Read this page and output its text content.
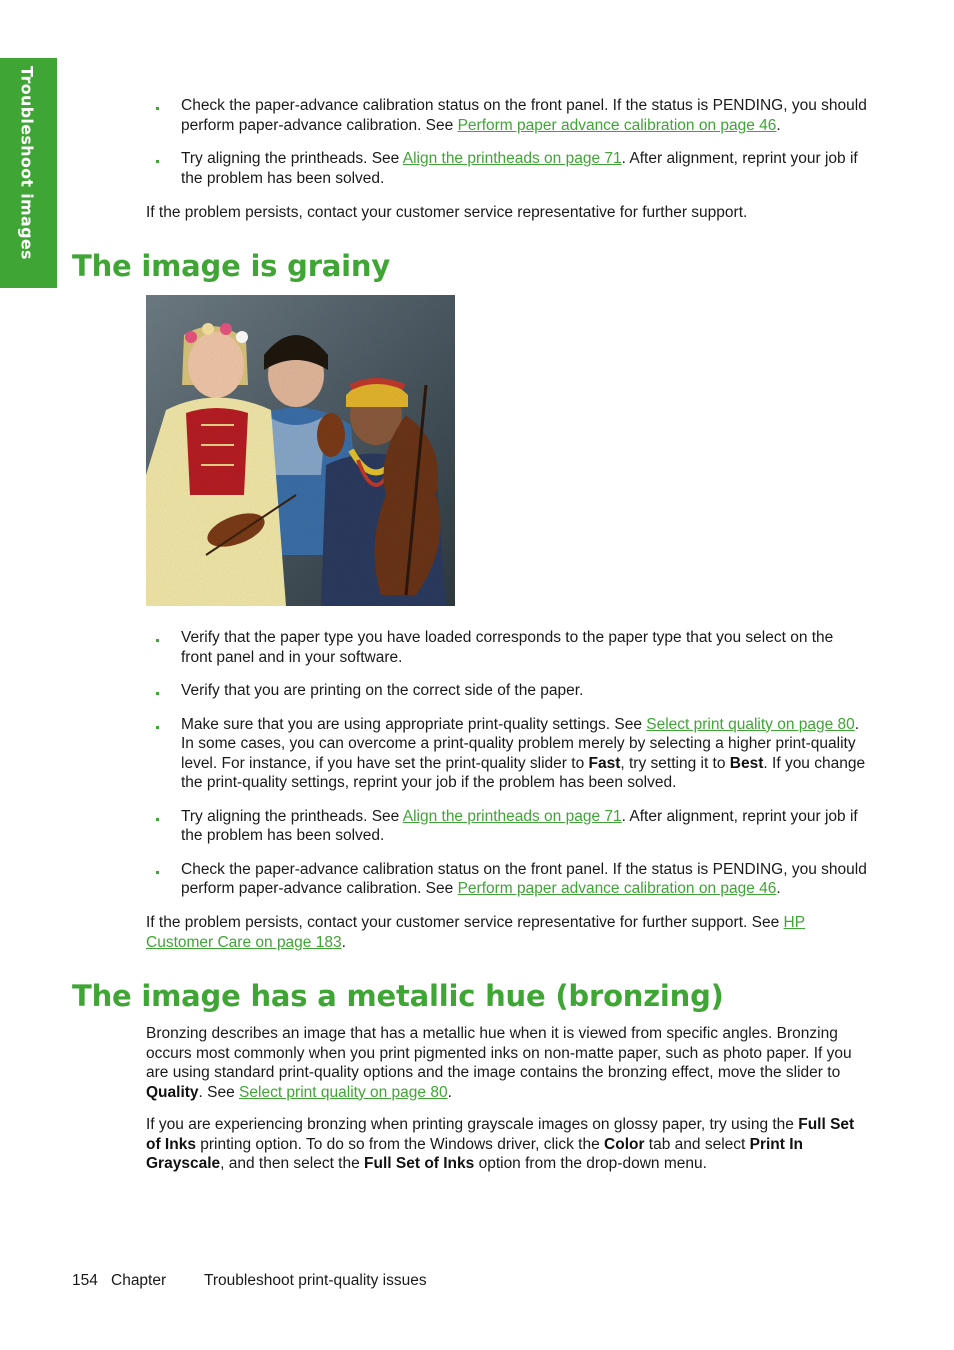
Troubleshoot images	Check the paper-advance calibration status on the front panel. If the status is PENDING, you should perform paper-advance calibration. See Perform paper advance calibration on page 46.
Try aligning the printheads. See Align the printheads on page 71. After alignment, reprint your job if the problem has been solved.

If the problem persists, contact your customer service representative for further support.

The image is grainy
Verify that the paper type you have loaded corresponds to the paper type that you select on the front panel and in your software.
Verify that you are printing on the correct side of the paper.
Make sure that you are using appropriate print-quality settings. See Select print quality on page 80. In some cases, you can overcome a print-quality problem merely by selecting a higher print-quality level. For instance, if you have set the print-quality slider to Fast, try setting it to Best. If you change the print-quality settings, reprint your job if the problem has been solved.
Try aligning the printheads. See Align the printheads on page 71. After alignment, reprint your job if the problem has been solved.
Check the paper-advance calibration status on the front panel. If the status is PENDING, you should perform paper-advance calibration. See Perform paper advance calibration on page 46.

If the problem persists, contact your customer service representative for further support. See HP Customer Care on page 183.

The image has a metallic hue (bronzing)

Bronzing describes an image that has a metallic hue when it is viewed from specific angles. Bronzing occurs most commonly when you print pigmented inks on non-matte paper, such as photo paper. If you are using standard print-quality options and the image contains the bronzing effect, move the slider to Quality. See Select print quality on page 80.

If you are experiencing bronzing when printing grayscale images on glossy paper, try using the Full Set of Inks printing option. To do so from the Windows driver, click the Color tab and select Print In Grayscale, and then select the Full Set of Inks option from the drop-down menu.

154 Chapter Troubleshoot print-quality issues
